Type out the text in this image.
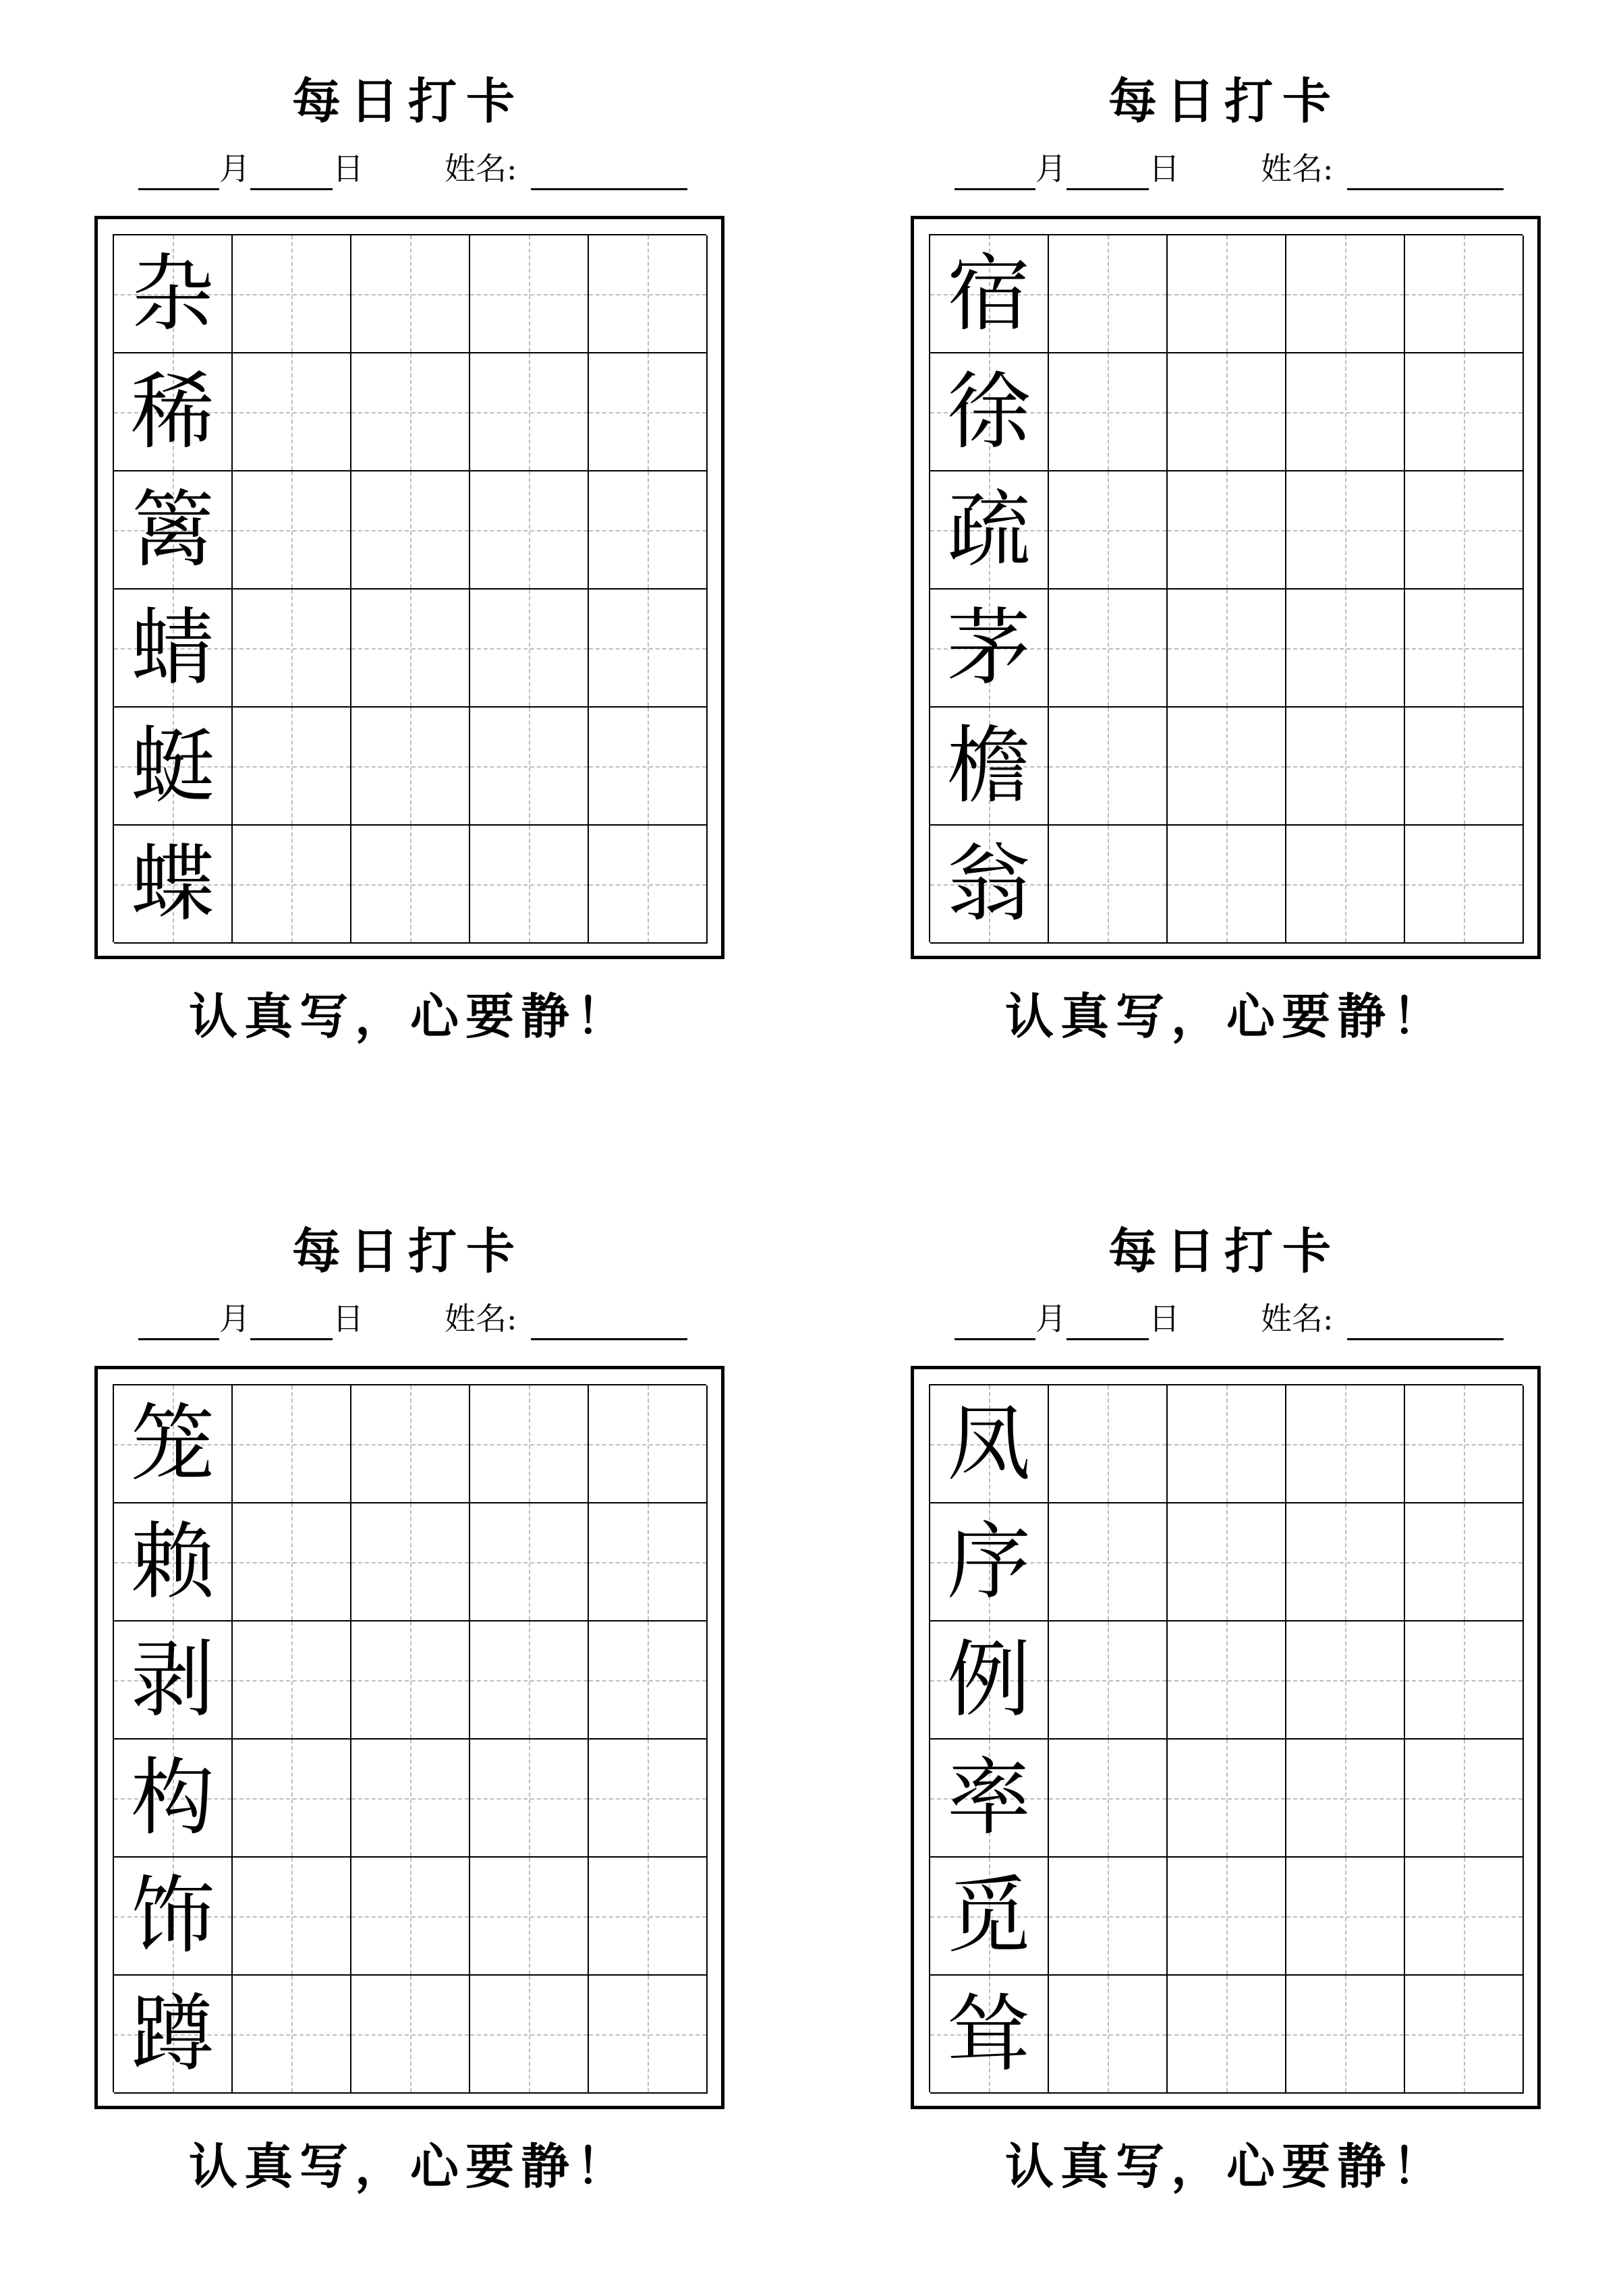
每日打卡
月	日	姓名:
杂
稀
篱
蜻
蜓
蝶
认真写，心要静！
每日打卡
月	日	姓名:
宿
徐
疏
茅
檐
翁
认真写，心要静！
每日打卡
月	日	姓名:
笼
赖
剥
构
饰
蹲
认真写，心要静！
每日打卡
月	日	姓名:
凤
序
例
率
觅
耸
认真写，心要静！
